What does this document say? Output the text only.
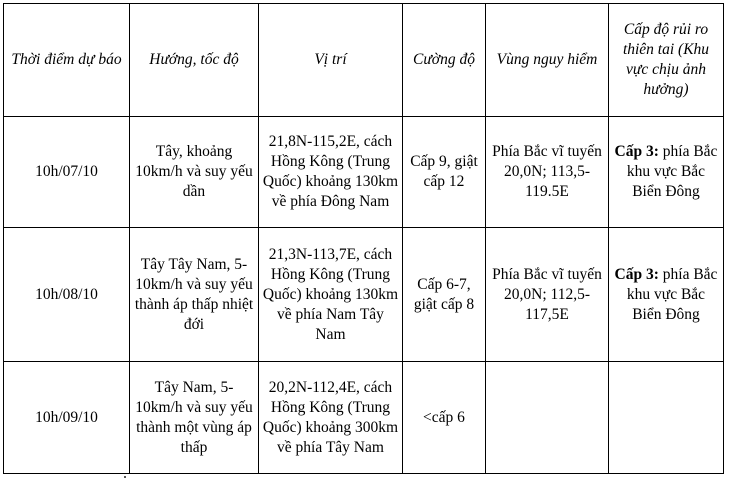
Thời điểm dự báo	Hướng, tốc độ	Vị trí	Cường độ	Vùng nguy hiểm	Cấp độ rủi ro thiên tai (Khu vực chịu ảnh hưởng)
10h/07/10	Tây, khoảng 10km/h và suy yếu dần	21,8N-115,2E, cách Hồng Kông (Trung Quốc) khoảng 130km về phía Đông Nam	Cấp 9, giật cấp 12	Phía Bắc vĩ tuyến 20,0N; 113,5-119.5E	Cấp 3: phía Bắc khu vực Bắc Biển Đông
10h/08/10	Tây Tây Nam, 5-10km/h và suy yếu thành áp thấp nhiệt đới	21,3N-113,7E, cách Hồng Kông (Trung Quốc) khoảng 130km về phía Nam Tây Nam	Cấp 6-7, giật cấp 8	Phía Bắc vĩ tuyến 20,0N; 112,5-117,5E	Cấp 3: phía Bắc khu vực Bắc Biển Đông
10h/09/10	Tây Nam, 5-10km/h và suy yếu thành một vùng áp thấp	20,2N-112,4E, cách Hồng Kông (Trung Quốc) khoảng 300km về phía Tây Nam	<cấp 6		
